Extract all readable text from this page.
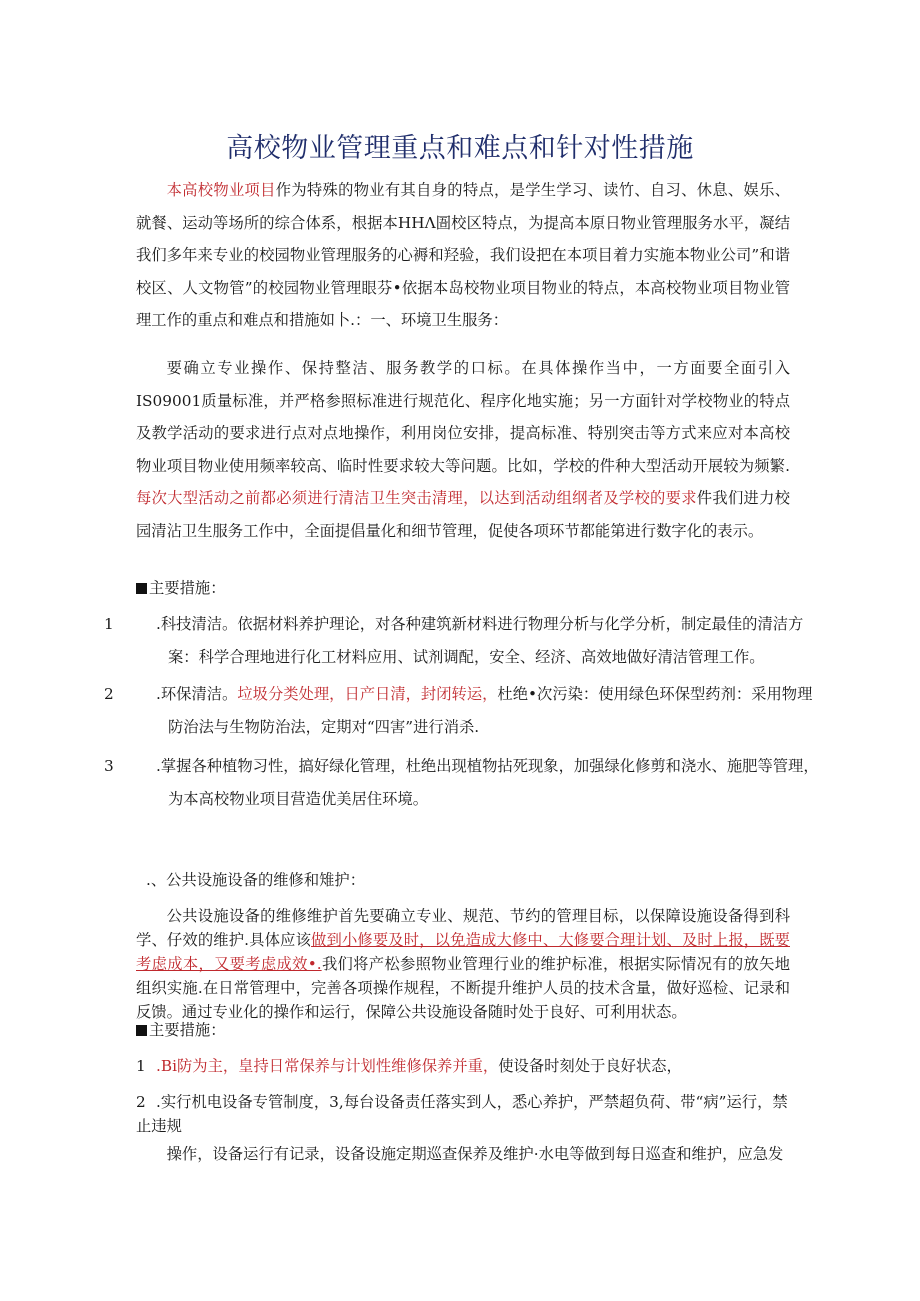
高校物业管理重点和难点和针对性措施

本高校物业项目作为特殊的物业有其自身的特点，是学生学习、读竹、自习、休息、娱乐、就餐、运动等场所的综合体系，根据本HHΛ圄校区特点，为提高本原日物业管理服务水平，凝结我们多年来专业的校园物业管理服务的心褥和羟验，我们设把在本项目着力实施本物业公司”和谐校区、人文物管”的校园物业管理眼芬•依据本岛校物业项目物业的特点，本高校物业项目物业管理工作的重点和难点和措施如卜.：一、环境卫生服务：

要确立专业操作、保持整洁、服务教学的口标。在具体操作当中，一方面要全面引入IS09001质量标准，并严格参照标准进行规范化、程序化地实施；另一方面针对学校物业的特点及教学活动的要求进行点对点地操作，利用岗位安排，提高标准、特别突击等方式来应对本高校物业项目物业使用频率较高、临时性要求较大等问题。比如，学校的件种大型活动开展较为频繁.每次大型活动之前都必须进行清洁卫生突击清理，以达到活动组纲者及学校的要求件我们进力校园清沾卫生服务工作中，全面提倡量化和细节管理，促使各项环节都能第进行数字化的表示。

主要措施：

1	.科技清洁。依据材料养护理论，对各种建筑新材料进行物理分析与化学分析，制定最佳的清洁方案：科学合理地进行化工材料应用、试剂调配，安全、经济、高效地做好清洁管理工作。

2	.环保清洁。垃圾分类处理，日产日清，封闭转运，杜绝•次污染：使用绿色环保型药剂：采用物理防治法与生物防治法，定期对“四害”进行消杀.

3	.掌握各种植物习性，搞好绿化管理，杜绝出现植物拈死现象，加强绿化修剪和浇水、施肥等管理，为本高校物业项目营造优美居住环境。

.、公共设施设备的维修和雉护：

公共设施设备的维修维护首先要确立专业、规范、节约的管理目标，以保障设施设备得到科学、仔效的维护.具体应该做到小修要及时，以免造成大修中、大修要合理计划、及时上报，既要考虑成本，又要考虑成效•.我们将产松参照物业管理行业的维护标准，根据实际情况有的放矢地组织实施.在日常管理中，完善各项操作规程，不断提升维护人员的技术含量，做好巡检、记录和反馈。通过专业化的操作和运行，保障公共设施设备随时处于良好、可利用状态。

主要措施：

1 .Bi防为主，皇持日常保养与计划性维修保养并重，使设备时刻处于良好状态，

2 .实行机电设备专管制度，3,每台设备责任落实到人，悉心养护，严禁超负荷、带“病”运行，禁止违规

操作，设备运行有记录，设备设施定期巡查保养及维护·水电等做到每日巡查和维护，应急发
